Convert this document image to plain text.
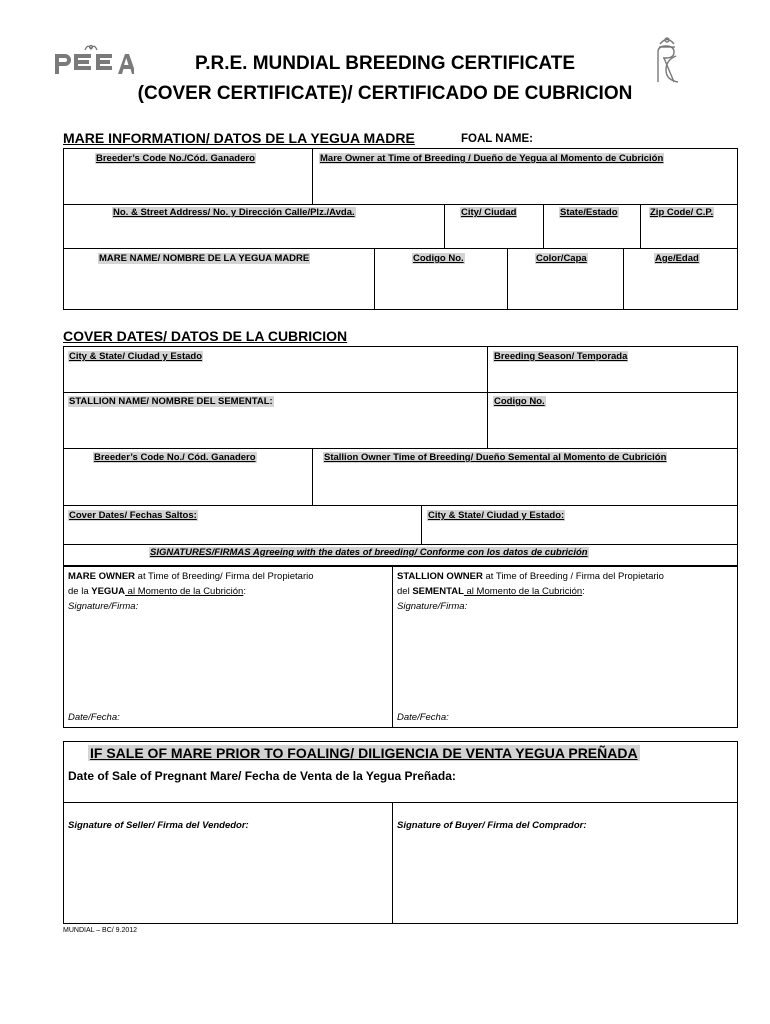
P.R.E. MUNDIAL BREEDING CERTIFICATE
(COVER CERTIFICATE)/ CERTIFICADO DE CUBRICION
MARE INFORMATION/ DATOS DE LA YEGUA MADRE	FOAL NAME:
Breeder’s Code No./Cód. Ganadero	Mare Owner at Time of Breeding / Dueño de Yegua al Momento de Cubrición
No. & Street Address/ No. y Dirección Calle/Plz./Avda.	City/ Ciudad	State/Estado	Zip Code/ C.P.
MARE NAME/ NOMBRE DE LA YEGUA MADRE	Codigo No.	Color/Capa	Age/Edad
COVER DATES/ DATOS DE LA CUBRICION
City & State/ Ciudad y Estado	Breeding Season/ Temporada
STALLION NAME/ NOMBRE DEL SEMENTAL:	Codigo No.
Breeder’s Code No./ Cód. Ganadero	Stallion Owner Time of Breeding/ Dueño Semental al Momento de Cubrición
Cover Dates/ Fechas Saltos:	City & State/ Ciudad y Estado:
SIGNATURES/FIRMAS Agreeing with the dates of breeding/ Conforme con los datos de cubrición
MARE OWNER at Time of Breeding/ Firma del Propietario
de la YEGUA al Momento de la Cubrición:
Signature/Firma:
Date/Fecha:
STALLION OWNER at Time of Breeding / Firma del Propietario
del SEMENTAL al Momento de la Cubrición:
Signature/Firma:
Date/Fecha:
IF SALE OF MARE PRIOR TO FOALING/ DILIGENCIA DE VENTA YEGUA PREÑADA
Date of Sale of Pregnant Mare/ Fecha de Venta de la Yegua Preñada:
Signature of Seller/ Firma del Vendedor:	Signature of Buyer/ Firma del Comprador:
MUNDIAL – BC/ 9.2012
